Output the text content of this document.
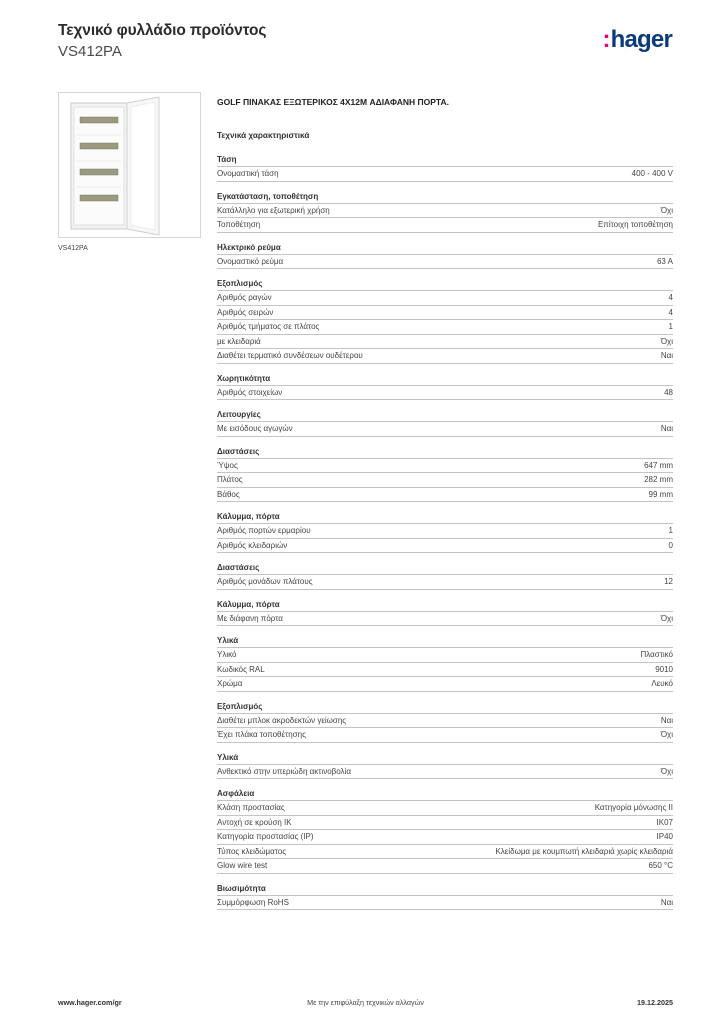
Τεχνικό φυλλάδιο προϊόντος
VS412PA	:hager
VS412PA
GOLF ΠΙΝΑΚΑΣ ΕΞΩΤΕΡΙΚΟΣ 4X12M ΑΔΙΑΦΑΝΗ ΠΟΡΤΑ.
Τεχνικά χαρακτηριστικά
Τάση
Ονομαστική τάση	400 - 400 V
Εγκατάσταση, τοποθέτηση
Κατάλληλο για εξωτερική χρήση	Όχι
Τοποθέτηση	Επίτοιχη τοποθέτηση
Ηλεκτρικό ρεύμα
Ονομαστικό ρεύμα	63 A
Εξοπλισμός
Αριθμός ραγών	4
Αριθμός σειρών	4
Αριθμός τμήματος σε πλάτος	1
με κλειδαριά	Όχι
Διαθέτει τερματικό συνδέσεων ουδέτερου	Ναι
Χωρητικότητα
Αριθμός στοιχείων	48
Λειτουργίες
Με εισόδους αγωγών	Ναι
Διαστάσεις
Ύψος	647 mm
Πλάτος	282 mm
Βάθος	99 mm
Κάλυμμα, πόρτα
Αριθμός πορτών ερμαρίου	1
Αριθμός κλειδαριών	0
Διαστάσεις
Αριθμός μονάδων πλάτους	12
Κάλυμμα, πόρτα
Με διάφανη πόρτα	Όχι
Υλικά
Υλικό	Πλαστικό
Κωδικός RAL	9010
Χρώμα	Λευκό
Εξοπλισμός
Διαθέτει μπλοκ ακροδεκτών γείωσης	Ναι
Έχει πλάκα τοποθέτησης	Όχι
Υλικά
Ανθεκτικό στην υπεριώδη ακτινοβολία	Όχι
Ασφάλεια
Κλάση προστασίας	Κατηγορία μόνωσης II
Αντοχή σε κρούση IK	IK07
Κατηγορία προστασίας (IP)	IP40
Τύπος κλειδώματος	Κλείδωμα με κουμπωτή κλειδαριά χωρίς κλειδαριά
Glow wire test	650 °C
Βιωσιμότητα
Συμμόρφωση RoHS	Ναι
www.hager.com/gr	Με την επιφύλαξη τεχνικών αλλαγών	19.12.2025
